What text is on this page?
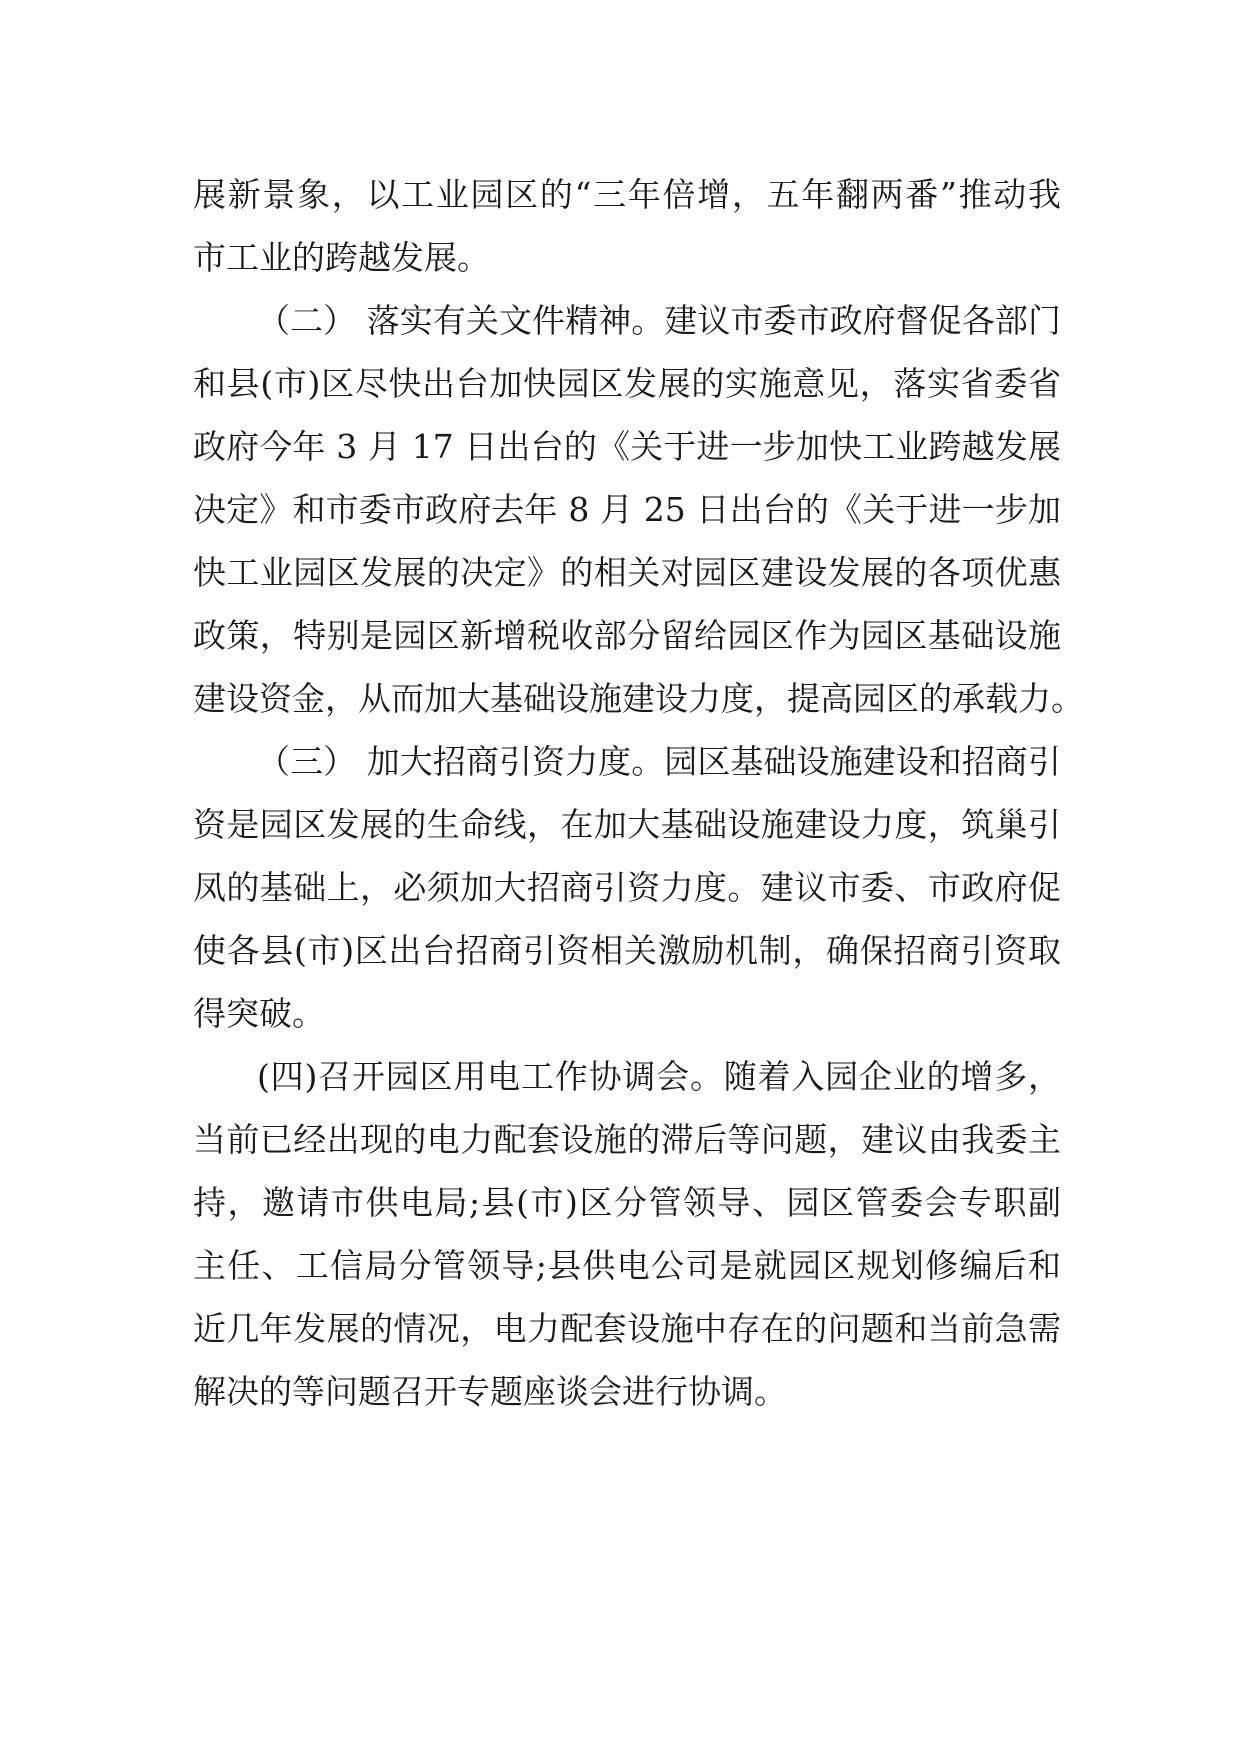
展新景象，以工业园区的“三年倍增，五年翻两番”推动我
市工业的跨越发展。
（二） 落实有关文件精神。建议市委市政府督促各部门
和县(市)区尽快出台加快园区发展的实施意见，落实省委省
政府今年 3 月 17 日出台的《关于进一步加快工业跨越发展
决定》和市委市政府去年 8 月 25 日出台的《关于进一步加
快工业园区发展的决定》的相关对园区建设发展的各项优惠
政策，特别是园区新增税收部分留给园区作为园区基础设施
建设资金，从而加大基础设施建设力度，提高园区的承载力。
（三） 加大招商引资力度。园区基础设施建设和招商引
资是园区发展的生命线，在加大基础设施建设力度，筑巢引
凤的基础上，必须加大招商引资力度。建议市委、市政府促
使各县(市)区出台招商引资相关激励机制，确保招商引资取
得突破。
(四)召开园区用电工作协调会。随着入园企业的增多，
当前已经出现的电力配套设施的滞后等问题，建议由我委主
持，邀请市供电局;县(市)区分管领导、园区管委会专职副
主任、工信局分管领导;县供电公司是就园区规划修编后和
近几年发展的情况，电力配套设施中存在的问题和当前急需
解决的等问题召开专题座谈会进行协调。
